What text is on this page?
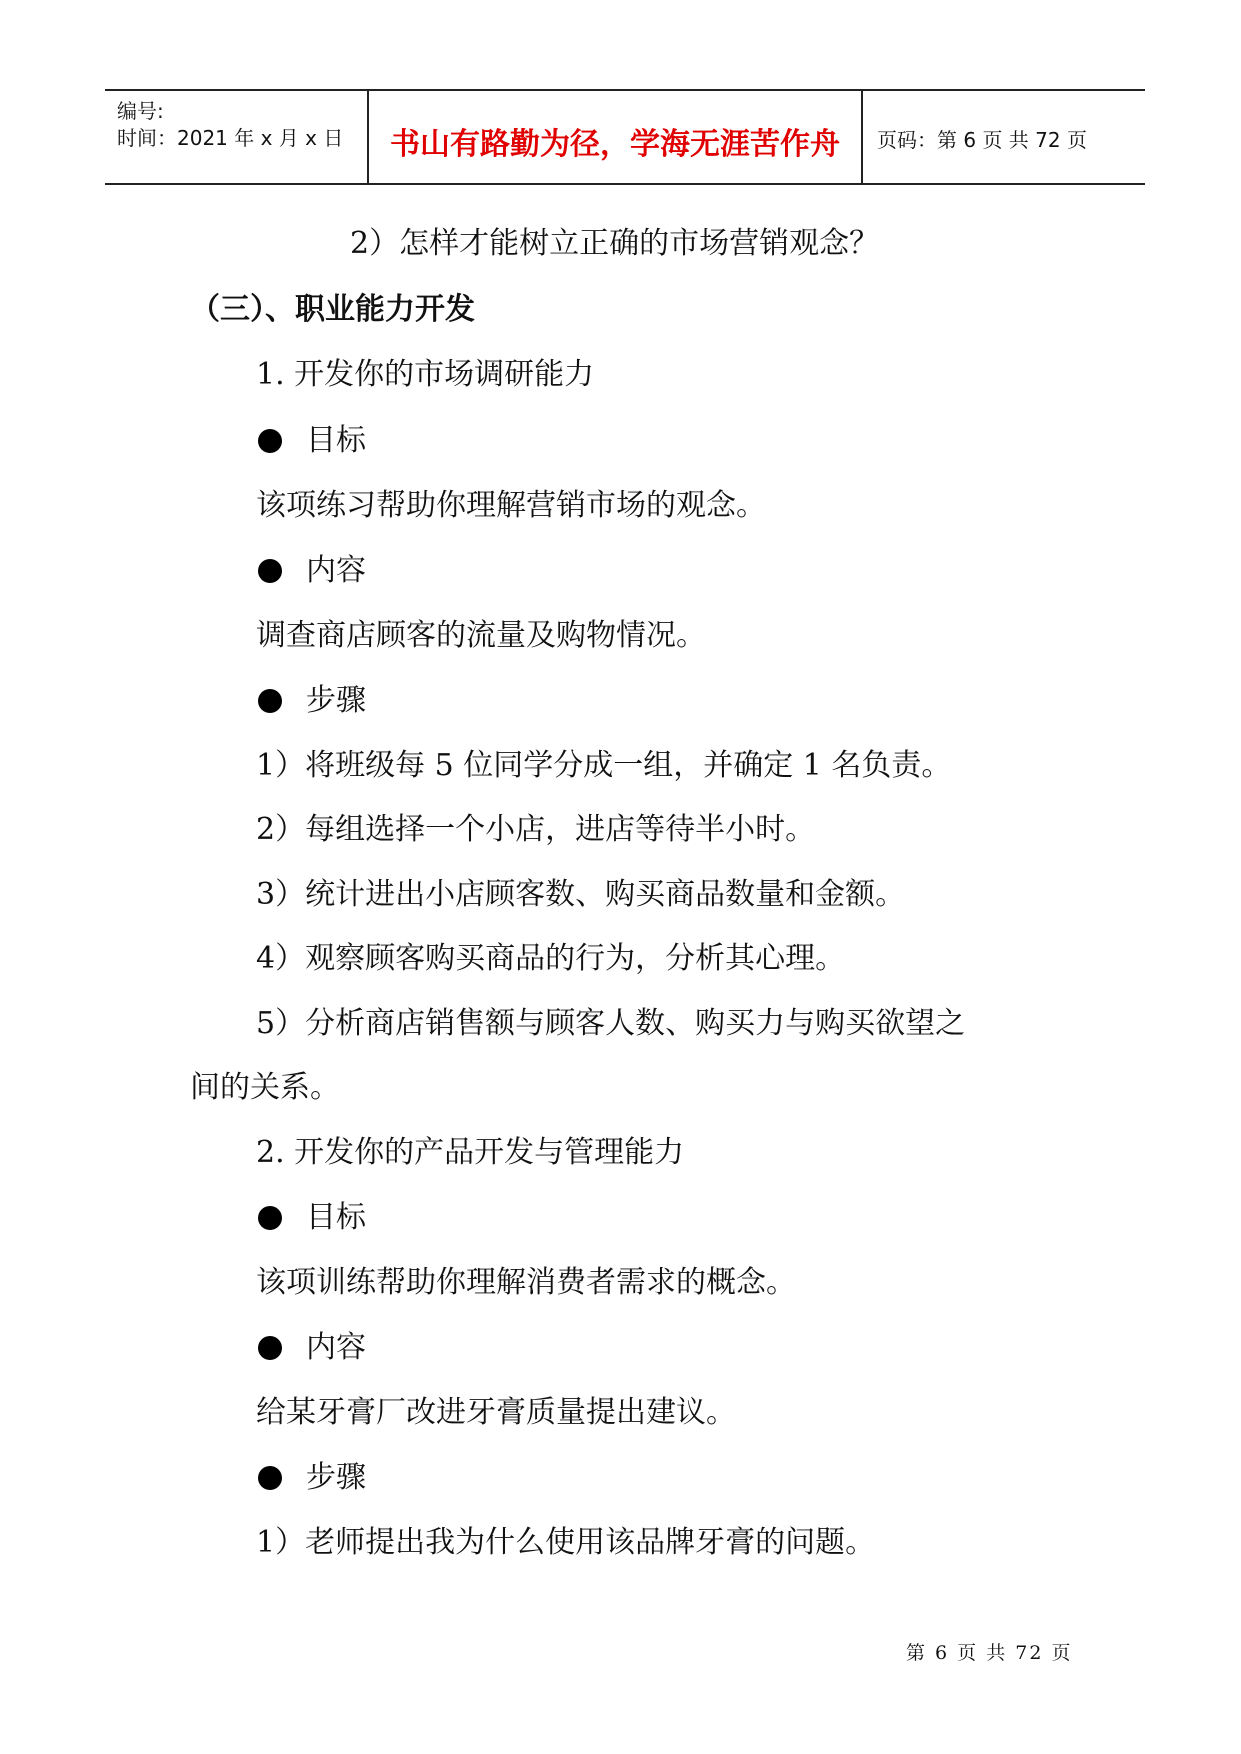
编号:
时间：2021 年 x 月 x 日	书山有路勤为径，学海无涯苦作舟	页码：第 6 页 共 72 页
2）怎样才能树立正确的市场营销观念？
（三）、职业能力开发
1. 开发你的市场调研能力
目标
该项练习帮助你理解营销市场的观念。
内容
调查商店顾客的流量及购物情况。
步骤
1）将班级每 5 位同学分成一组，并确定 1 名负责。
2）每组选择一个小店，进店等待半小时。
3）统计进出小店顾客数、购买商品数量和金额。
4）观察顾客购买商品的行为，分析其心理。
5）分析商店销售额与顾客人数、购买力与购买欲望之
间的关系。
2. 开发你的产品开发与管理能力
目标
该项训练帮助你理解消费者需求的概念。
内容
给某牙膏厂改进牙膏质量提出建议。
步骤
1）老师提出我为什么使用该品牌牙膏的问题。
第 6 页 共 72 页
